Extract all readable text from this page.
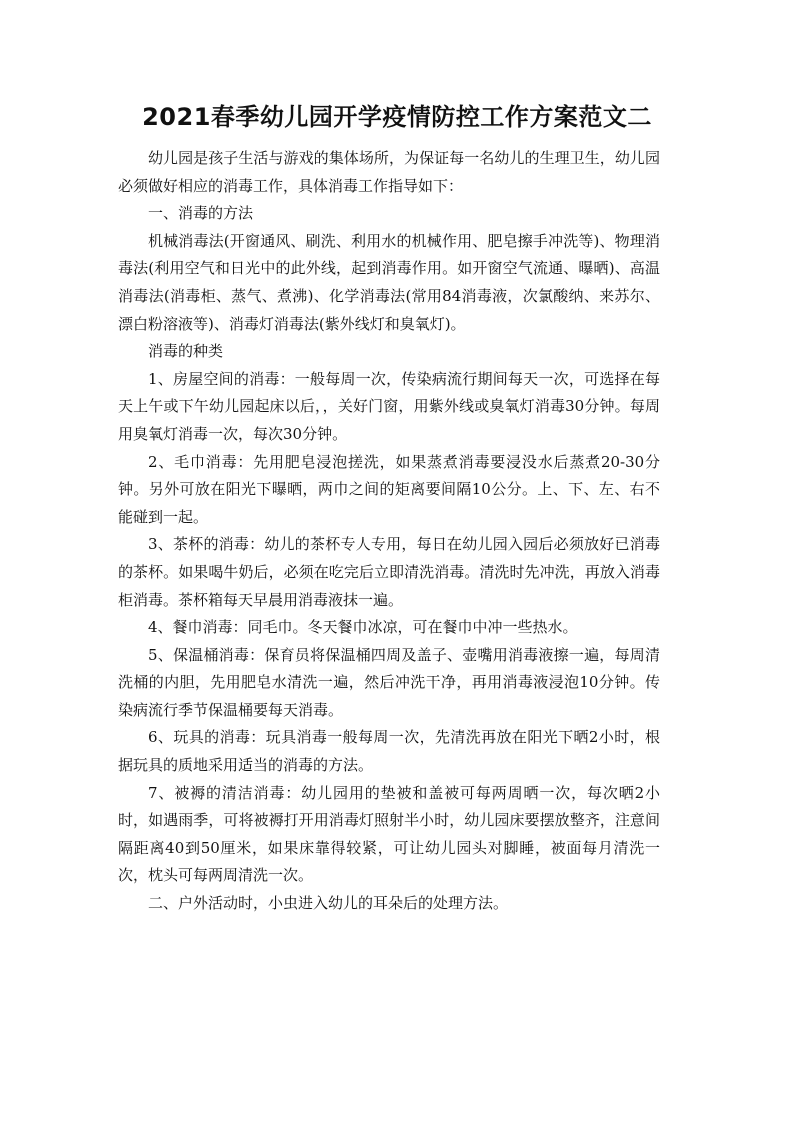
2021春季幼儿园开学疫情防控工作方案范文二

幼儿园是孩子生活与游戏的集体场所，为保证每一名幼儿的生理卫生，幼儿园必须做好相应的消毒工作，具体消毒工作指导如下：

一、消毒的方法

机械消毒法(开窗通风、刷洗、利用水的机械作用、肥皂擦手冲洗等)、物理消毒法(利用空气和日光中的此外线，起到消毒作用。如开窗空气流通、曝晒)、高温消毒法(消毒柜、蒸气、煮沸)、化学消毒法(常用84消毒液，次氯酸纳、来苏尔、漂白粉溶液等)、消毒灯消毒法(紫外线灯和臭氧灯)。

消毒的种类

1、房屋空间的消毒：一般每周一次，传染病流行期间每天一次，可选择在每天上午或下午幼儿园起床以后，，关好门窗，用紫外线或臭氧灯消毒30分钟。每周用臭氧灯消毒一次，每次30分钟。

2、毛巾消毒：先用肥皂浸泡搓洗，如果蒸煮消毒要浸没水后蒸煮20-30分钟。另外可放在阳光下曝晒，两巾之间的矩离要间隔10公分。上、下、左、右不能碰到一起。

3、茶杯的消毒：幼儿的茶杯专人专用，每日在幼儿园入园后必须放好已消毒的茶杯。如果喝牛奶后，必须在吃完后立即清洗消毒。清洗时先冲洗，再放入消毒柜消毒。茶杯箱每天早晨用消毒液抹一遍。

4、餐巾消毒：同毛巾。冬天餐巾冰凉，可在餐巾中冲一些热水。

5、保温桶消毒：保育员将保温桶四周及盖子、壶嘴用消毒液擦一遍，每周清洗桶的内胆，先用肥皂水清洗一遍，然后冲洗干净，再用消毒液浸泡10分钟。传染病流行季节保温桶要每天消毒。

6、玩具的消毒：玩具消毒一般每周一次，先清洗再放在阳光下晒2小时，根据玩具的质地采用适当的消毒的方法。

7、被褥的清洁消毒：幼儿园用的垫被和盖被可每两周晒一次，每次晒2小时，如遇雨季，可将被褥打开用消毒灯照射半小时，幼儿园床要摆放整齐，注意间隔距离40到50厘米，如果床靠得较紧，可让幼儿园头对脚睡，被面每月清洗一次，枕头可每两周清洗一次。

二、户外活动时，小虫进入幼儿的耳朵后的处理方法。
